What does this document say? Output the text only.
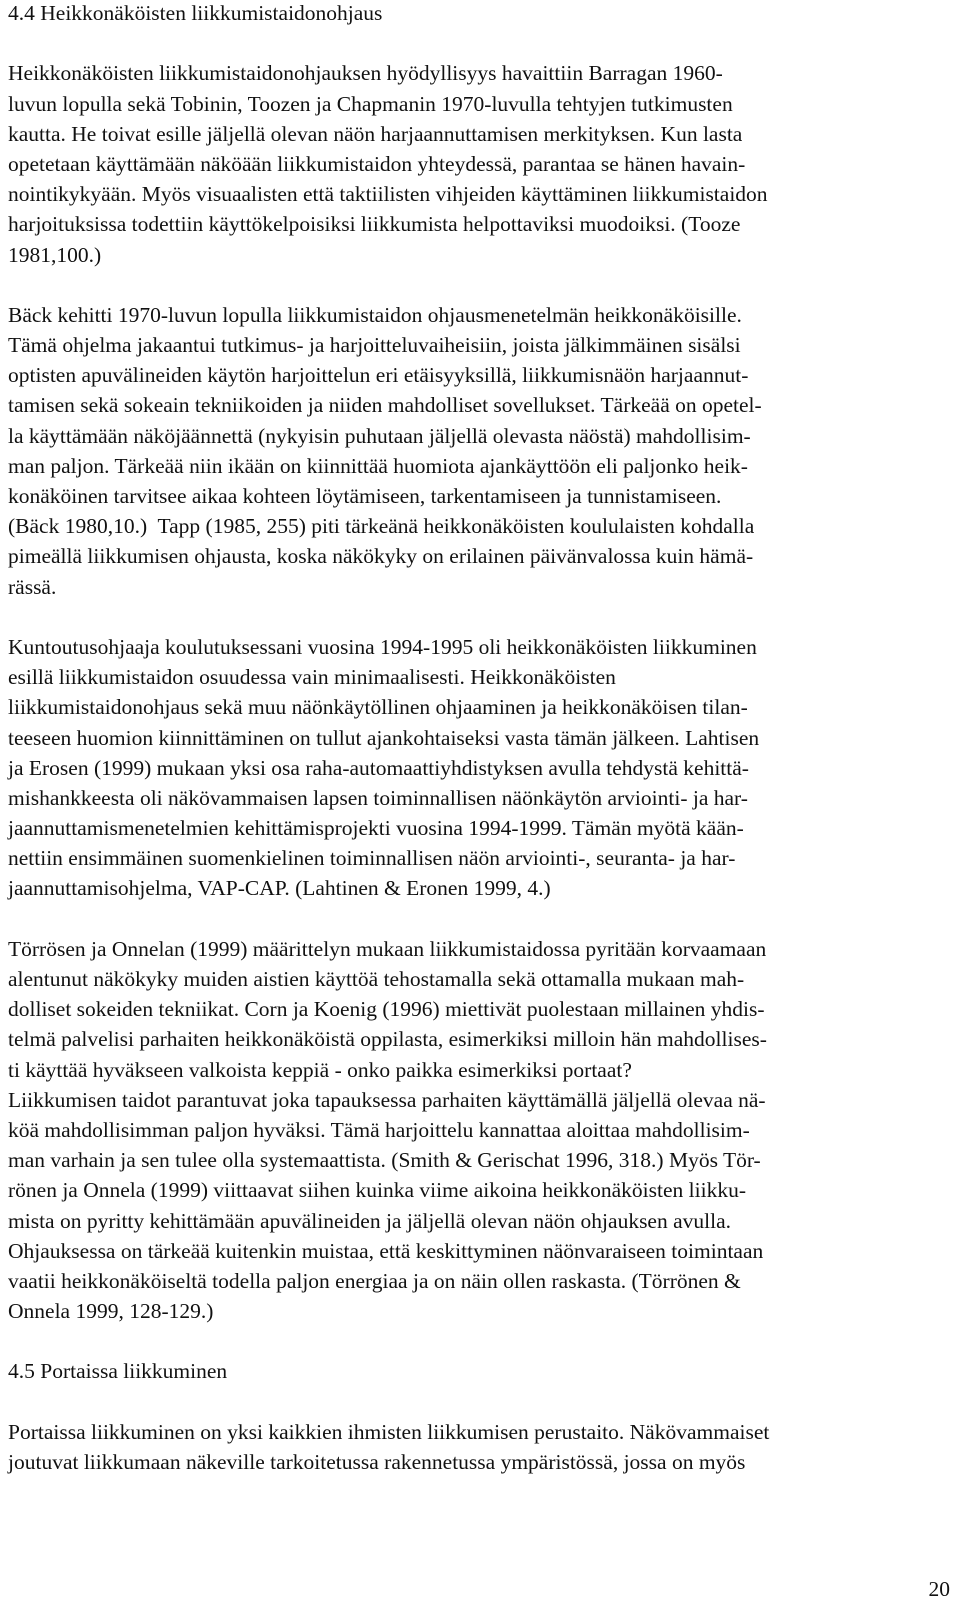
4.4 Heikkonäköisten liikkumistaidonohjaus
Heikkonäköisten liikkumistaidonohjauksen hyödyllisyys havaittiin Barragan 1960-
luvun lopulla sekä Tobinin, Toozen ja Chapmanin 1970-luvulla tehtyjen tutkimusten
kautta. He toivat esille jäljellä olevan näön harjaannuttamisen merkityksen. Kun lasta
opetetaan käyttämään näköään liikkumistaidon yhteydessä, parantaa se hänen havain-
nointikykyään. Myös visuaalisten että taktiilisten vihjeiden käyttäminen liikkumistaidon
harjoituksissa todettiin käyttökelpoisiksi liikkumista helpottaviksi muodoiksi. (Tooze
1981,100.)
Bäck kehitti 1970-luvun lopulla liikkumistaidon ohjausmenetelmän heikkonäköisille.
Tämä ohjelma jakaantui tutkimus- ja harjoitteluvaiheisiin, joista jälkimmäinen sisälsi
optisten apuvälineiden käytön harjoittelun eri etäisyyksillä, liikkumisnäön harjaannut-
tamisen sekä sokeain tekniikoiden ja niiden mahdolliset sovellukset. Tärkeää on opetel-
la käyttämään näköjäännettä (nykyisin puhutaan jäljellä olevasta näöstä) mahdollisim-
man paljon. Tärkeää niin ikään on kiinnittää huomiota ajankäyttöön eli paljonko heik-
konäköinen tarvitsee aikaa kohteen löytämiseen, tarkentamiseen ja tunnistamiseen.
(Bäck 1980,10.)  Tapp (1985, 255) piti tärkeänä heikkonäköisten koululaisten kohdalla
pimeällä liikkumisen ohjausta, koska näkökyky on erilainen päivänvalossa kuin hämä-
rässä.
Kuntoutusohjaaja koulutuksessani vuosina 1994-1995 oli heikkonäköisten liikkuminen
esillä liikkumistaidon osuudessa vain minimaalisesti. Heikkonäköisten
liikkumistaidonohjaus sekä muu näönkäytöllinen ohjaaminen ja heikkonäköisen tilan-
teeseen huomion kiinnittäminen on tullut ajankohtaiseksi vasta tämän jälkeen. Lahtisen
ja Erosen (1999) mukaan yksi osa raha-automaattiyhdistyksen avulla tehdystä kehittä-
mishankkeesta oli näkövammaisen lapsen toiminnallisen näönkäytön arviointi- ja har-
jaannuttamismenetelmien kehittämisprojekti vuosina 1994-1999. Tämän myötä kään-
nettiin ensimmäinen suomenkielinen toiminnallisen näön arviointi-, seuranta- ja har-
jaannuttamisohjelma, VAP-CAP. (Lahtinen & Eronen 1999, 4.)
Törrösen ja Onnelan (1999) määrittelyn mukaan liikkumistaidossa pyritään korvaamaan
alentunut näkökyky muiden aistien käyttöä tehostamalla sekä ottamalla mukaan mah-
dolliset sokeiden tekniikat. Corn ja Koenig (1996) miettivät puolestaan millainen yhdis-
telmä palvelisi parhaiten heikkonäköistä oppilasta, esimerkiksi milloin hän mahdollises-
ti käyttää hyväkseen valkoista keppiä - onko paikka esimerkiksi portaat?
Liikkumisen taidot parantuvat joka tapauksessa parhaiten käyttämällä jäljellä olevaa nä-
köä mahdollisimman paljon hyväksi. Tämä harjoittelu kannattaa aloittaa mahdollisim-
man varhain ja sen tulee olla systemaattista. (Smith & Gerischat 1996, 318.) Myös Tör-
rönen ja Onnela (1999) viittaavat siihen kuinka viime aikoina heikkonäköisten liikku-
mista on pyritty kehittämään apuvälineiden ja jäljellä olevan näön ohjauksen avulla.
Ohjauksessa on tärkeää kuitenkin muistaa, että keskittyminen näönvaraiseen toimintaan
vaatii heikkonäköiseltä todella paljon energiaa ja on näin ollen raskasta. (Törrönen &
Onnela 1999, 128-129.)
4.5 Portaissa liikkuminen
Portaissa liikkuminen on yksi kaikkien ihmisten liikkumisen perustaito. Näkövammaiset
joutuvat liikkumaan näkeville tarkoitetussa rakennetussa ympäristössä, jossa on myös
20
